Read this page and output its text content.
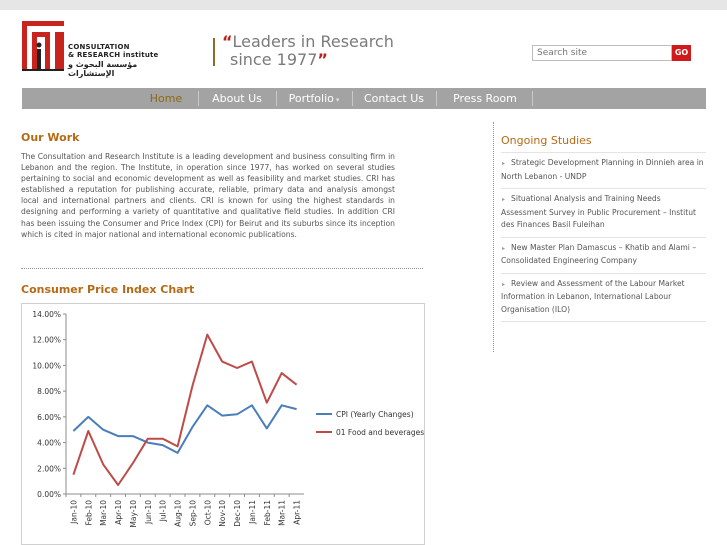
CONSULTATION
& RESEARCH institute
مؤسسة البحوث و الإستشارات
“Leaders in Research
since 1977”
Search site	GO
Home	About Us	Portfolio ▾	Contact Us	Press Room
Our Work
The Consultation and Research Institute is a leading development and business consulting firm in Lebanon and the region. The Institute, in operation since 1977, has worked on several studies pertaining to social and economic development as well as feasibility and market studies. CRI has established a reputation for publishing accurate, reliable, primary data and analysis amongst local and international partners and clients. CRI is known for using the highest standards in designing and performing a variety of quantitative and qualitative field studies. In addition CRI has been issuing the Consumer and Price Index (CPI) for Beirut and its suburbs since its inception which is cited in major national and international economic publications.
Consumer Price Index Chart
0.00%
2.00%
4.00%
6.00%
8.00%
10.00%
12.00%
14.00%
Jan-10 Feb-10 Mar-10 Apr-10 May-10 Jun-10 Jul-10 Aug-10 Sep-10 Oct-10 Nov-10 Dec-10 Jan-11 Feb-11 Mar-11 Apr-11
CPI (Yearly Changes)
01 Food and beverages
Ongoing Studies
▸ Strategic Development Planning in Dinnieh area in North Lebanon - UNDP
▸ Situational Analysis and Training Needs Assessment Survey in Public Procurement – Institut des Finances Basil Fuleihan
▸ New Master Plan Damascus – Khatib and Alami – Consolidated Engineering Company
▸ Review and Assessment of the Labour Market Information in Lebanon, International Labour Organisation (ILO)
